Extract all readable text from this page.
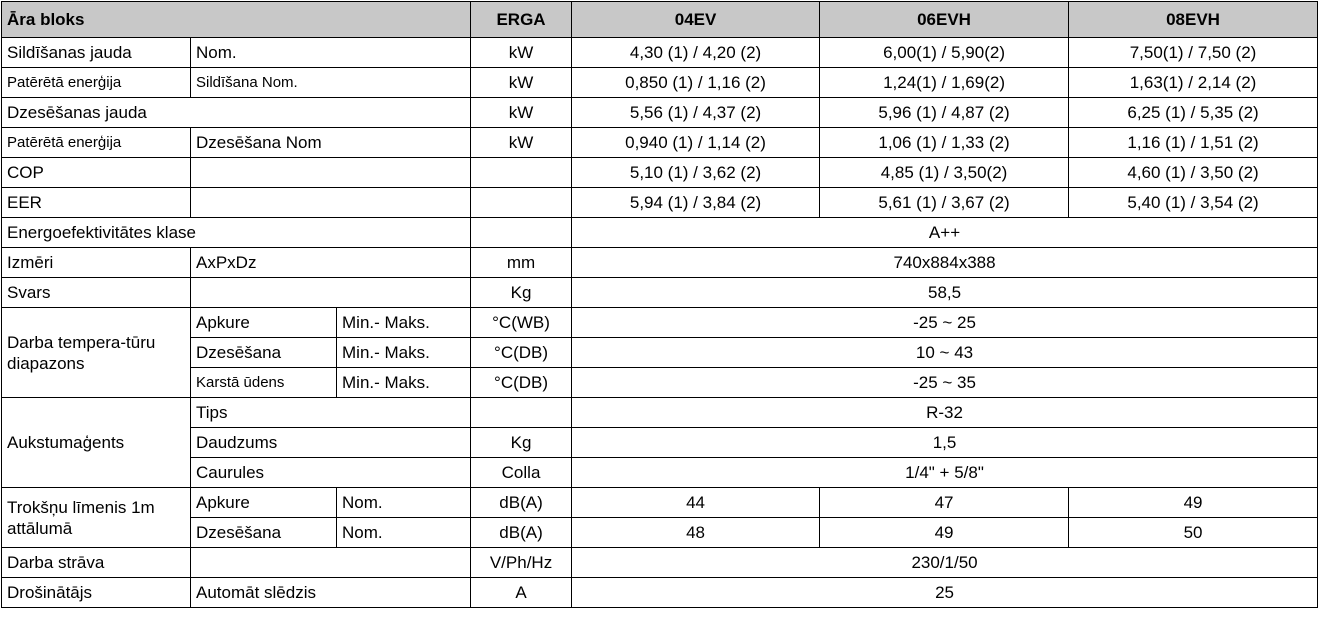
Āra bloks			ERGA	04EV	06EVH	08EVH
Sildīšanas jauda	Nom.		kW	4,30 (1) / 4,20 (2)	6,00(1) / 5,90(2)	7,50(1) / 7,50 (2)
Patērētā enerģija	Sildīšana Nom.		kW	0,850 (1) / 1,16 (2)	1,24(1) / 1,69(2)	1,63(1) / 2,14 (2)
Dzesēšanas jauda			kW	5,56 (1) / 4,37 (2)	5,96 (1) / 4,87 (2)	6,25 (1) / 5,35 (2)
Patērētā enerģija	Dzesēšana Nom		kW	0,940 (1) / 1,14 (2)	1,06 (1) / 1,33 (2)	1,16 (1) / 1,51 (2)
COP				5,10 (1) / 3,62 (2)	4,85 (1) / 3,50(2)	4,60 (1) / 3,50 (2)
EER				5,94 (1) / 3,84 (2)	5,61 (1) / 3,67 (2)	5,40 (1) / 3,54 (2)
Energoefektivitātes klase				A++		
Izmēri	AxPxDz		mm	740x884x388		
Svars			Kg	58,5		
Darba tempera-tūru diapazons	Apkure	Min.- Maks.	°C(WB)	-25 ~ 25		
	Dzesēšana	Min.- Maks.	°C(DB)	10 ~ 43		
	Karstā ūdens	Min.- Maks.	°C(DB)	-25 ~ 35		
Aukstumaģents	Tips			R-32		
	Daudzums		Kg	1,5		
	Caurules		Colla	1/4" + 5/8"		
Trokšņu līmenis 1m attālumā	Apkure	Nom.	dB(A)	44	47	49
	Dzesēšana	Nom.	dB(A)	48	49	50
Darba strāva			V/Ph/Hz	230/1/50		
Drošinātājs	Automāt slēdzis		A	25		
